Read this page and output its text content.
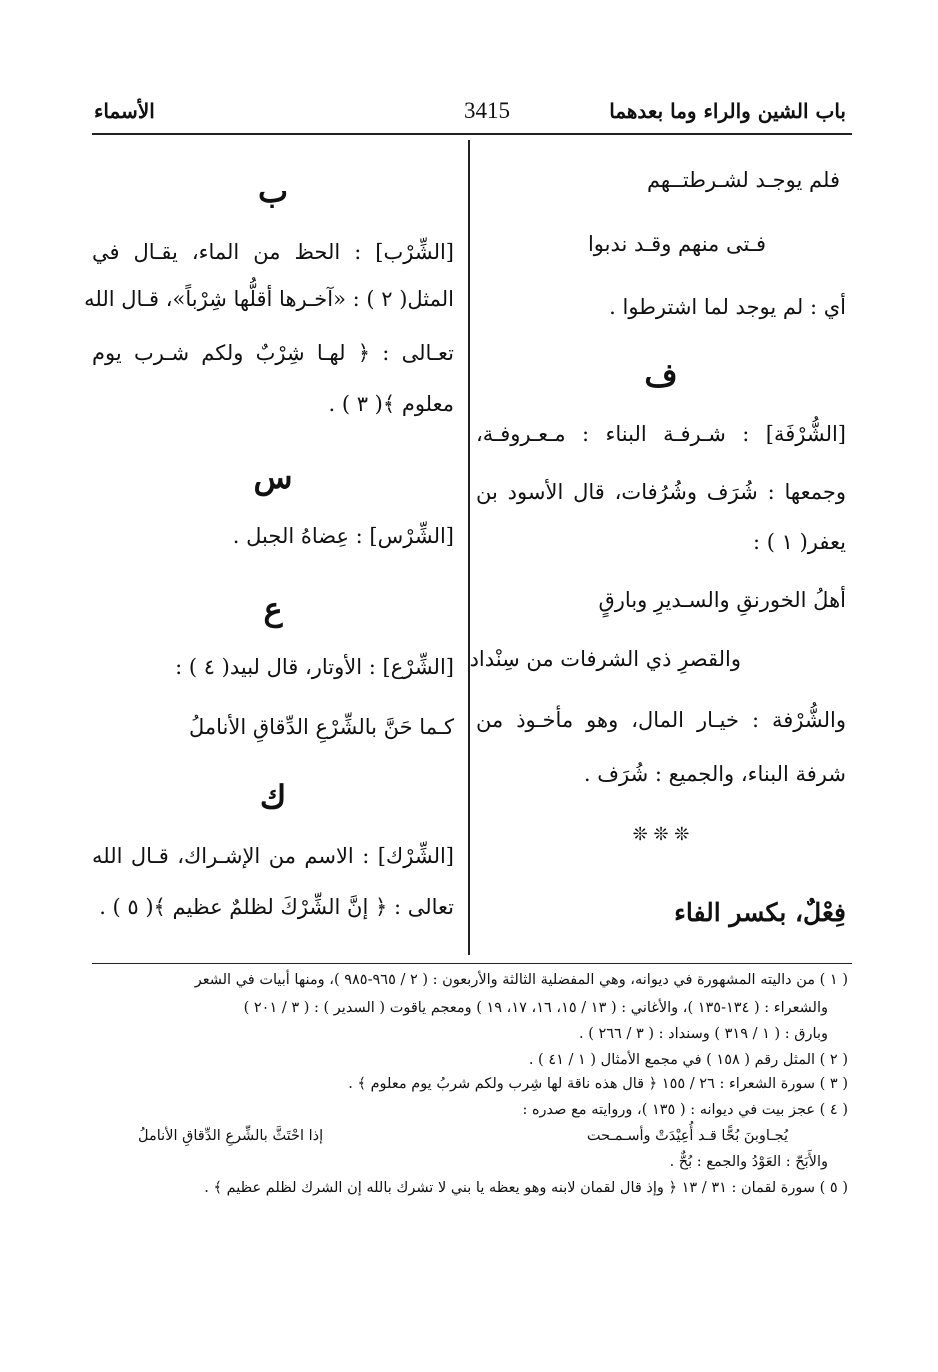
باب الشين والراء وما بعدهما
3415
الأسماء
فلم يوجـد لشـرطتــهم
فـتى منهم وقـد ندبوا
أي : لم يوجد لما اشترطوا .
ف
[الشُّرْفَة] : شـرفـة البناء : مـعـروفـة،
وجمعها : شُرَف وشُرُفات، قال الأسود بن
يعفر( ١ ) :
أهلُ الخورنقِ والسـديرِ وبارقٍ
والقصرِ ذي الشرفات من سِنْداد
والشُّرْفة : خيـار المال، وهو مأخـوذ من
شرفة البناء، والجميع : شُرَف .
❊ ❊ ❊
فِعْلٌ، بكسر الفاء
ب
[الشِّرْب] : الحظ من الماء، يقـال في
المثل( ٢ ) : «آخـرها أقلُّها شِرْباً»، قـال الله
تعـالى : ﴿ لهـا شِرْبٌ ولكم شـرب يوم
معلوم ﴾( ٣ ) .
س
[الشِّرْس] : عِضاهُ الجبل .
ع
[الشِّرْع] : الأوتار، قال لبيد( ٤ ) :
كـما حَنَّ بالشِّرْعِ الدِّقاقِ الأناملُ
ك
[الشِّرْك] : الاسم من الإشـراك، قـال الله
تعالى : ﴿ إنَّ الشِّرْكَ لظلمٌ عظيم ﴾( ٥ ) .
( ١ ) من داليته المشهورة في ديوانه، وهي المفضلية الثالثة والأربعون : ( ٢ / ٩٦٥-٩٨٥ )، ومنها أبيات في الشعر
والشعراء : ( ١٣٤-١٣٥ )، والأغاني : ( ١٣ / ١٥، ١٦، ١٧، ١٩ ) ومعجم ياقوت ( السدير ) : ( ٣ / ٢٠١ )
وبارق : ( ١ / ٣١٩ ) وسنداد : ( ٣ / ٢٦٦ ) .
( ٢ ) المثل رقم ( ١٥٨ ) في مجمع الأمثال ( ١ / ٤١ ) .
( ٣ ) سورة الشعراء : ٢٦ / ١٥٥ ﴿ قال هذه ناقة لها شِرب ولكم شربُ يوم معلوم ﴾ .
( ٤ ) عجز بيت في ديوانه : ( ١٣٥ )، وروايته مع صدره :
يُجـاوبنَ بُحًّا قـد أُعِيْدَتْ وأسـمـحت
إذا احْتَثَّ بالشِّرعِ الدِّقاقِ الأناملُ
والأَبَحّ : العَوْدُ والجمع : بُحٌّ .
( ٥ ) سورة لقمان : ٣١ / ١٣ ﴿ وإذ قال لقمان لابنه وهو يعظه يا بني لا تشرك بالله إن الشرك لظلم عظيم ﴾ .
